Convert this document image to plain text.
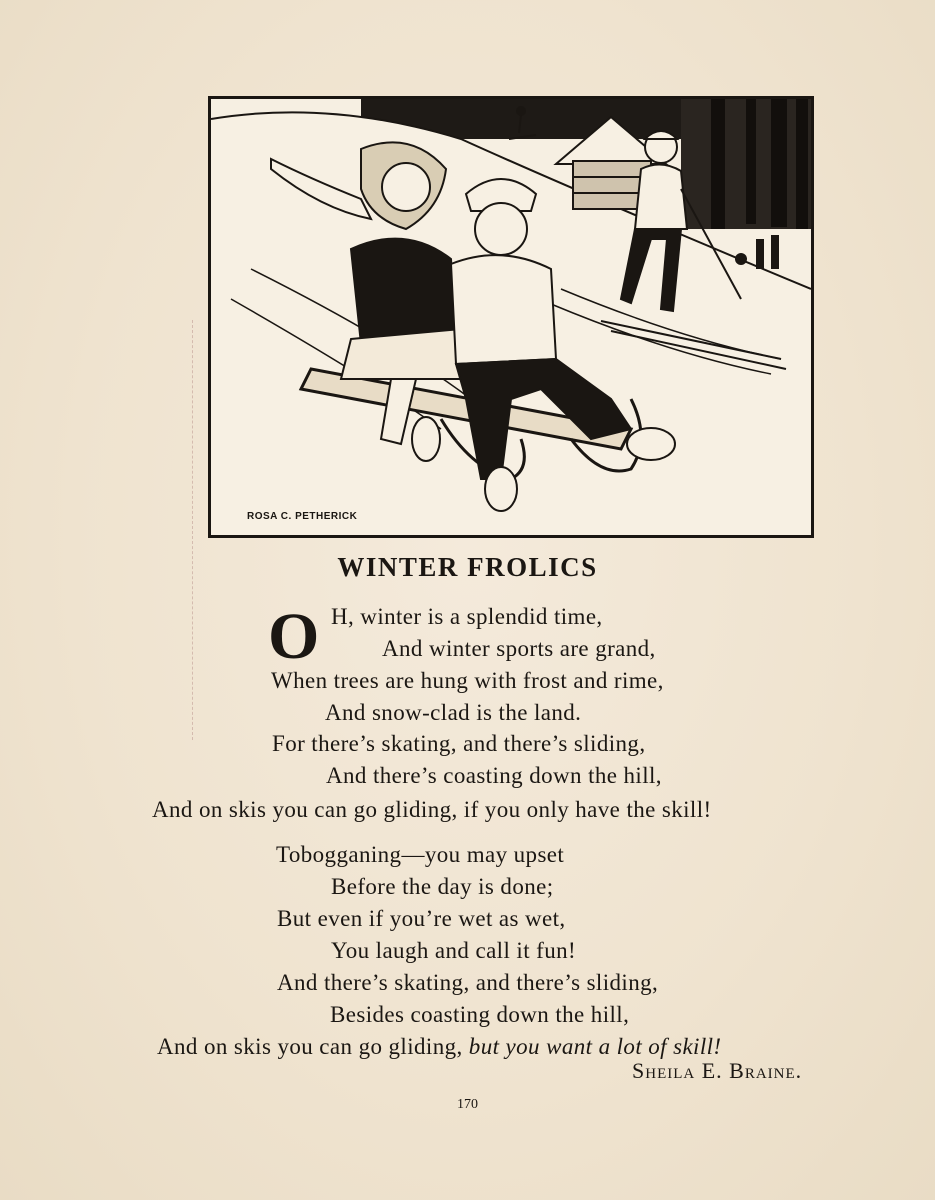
ROSA C. PETHERICK
WINTER FROLICS
O H, winter is a splendid time,
And winter sports are grand,
When trees are hung with frost and rime,
And snow-clad is the land.
For there’s skating, and there’s sliding,
And there’s coasting down the hill,
And on skis you can go gliding, if you only have the skill!
Tobogganing—you may upset
Before the day is done;
But even if you’re wet as wet,
You laugh and call it fun!
And there’s skating, and there’s sliding,
Besides coasting down the hill,
And on skis you can go gliding, but you want a lot of skill!
Sheila E. Braine.
170
